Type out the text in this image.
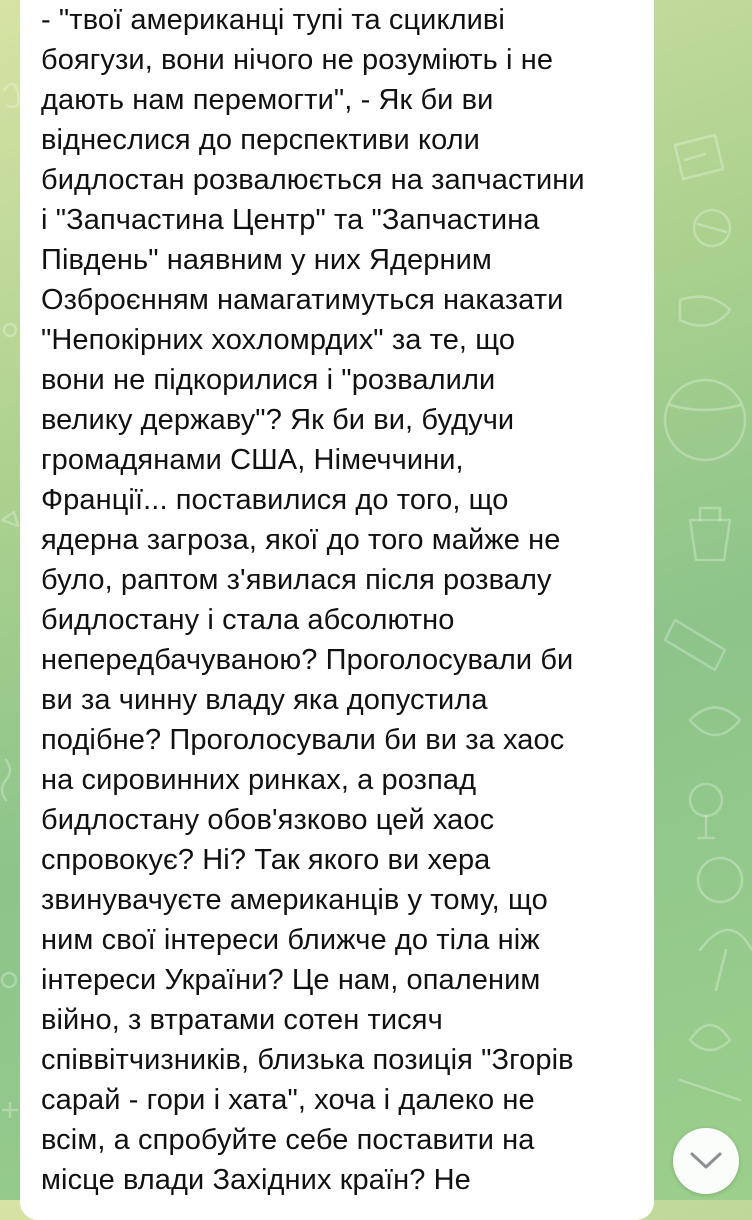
- "твої американці тупі та сцикливі
боягузи, вони нічого не розуміють і не
дають нам перемогти", - Як би ви
віднеслися до перспективи коли
бидлостан розвалюється на запчастини
і "Запчастина Центр" та "Запчастина
Південь" наявним у них Ядерним
Озброєнням намагатимуться наказати
"Непокірних хохломрдих" за те, що
вони не підкорилися і "розвалили
велику державу"? Як би ви, будучи
громадянами США, Німеччини,
Франції... поставилися до того, що
ядерна загроза, якої до того майже не
було, раптом з'явилася після розвалу
бидлостану і стала абсолютно
непередбачуваною? Проголосували би
ви за чинну владу яка допустила
подібне? Проголосували би ви за хаос
на сировинних ринках, а розпад
бидлостану обов'язково цей хаос
спровокує? Ні? Так якого ви хера
звинувачуєте американців у тому, що
ним свої інтереси ближче до тіла ніж
інтереси України? Це нам, опаленим
війно, з втратами сотен тисяч
співвітчизників, близька позиція "Згорів
сарай - гори і хата", хоча і далеко не
всім, а спробуйте себе поставити на
місце влади Західних країн? Не
